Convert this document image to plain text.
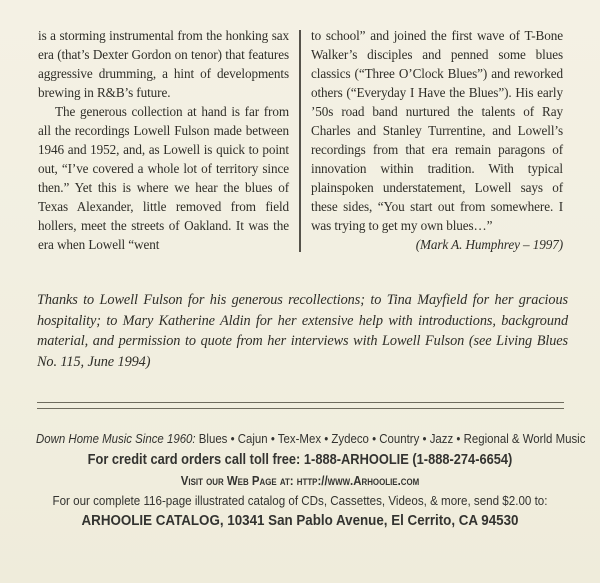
is a storming instrumental from the honking sax era (that’s Dexter Gordon on tenor) that features aggressive drumming, a hint of developments brewing in R&B’s future.

The generous collection at hand is far from all the recordings Lowell Fulson made between 1946 and 1952, and, as Lowell is quick to point out, “I’ve covered a whole lot of territory since then.” Yet this is where we hear the blues of Texas Alexander, little removed from field hollers, meet the streets of Oakland. It was the era when Lowell “went

to school” and joined the first wave of T-Bone Walker’s disciples and penned some blues classics (“Three O’Clock Blues”) and reworked others (“Everyday I Have the Blues”). His early ’50s road band nurtured the talents of Ray Charles and Stanley Turrentine, and Lowell’s recordings from that era remain paragons of innovation within tradition. With typical plainspoken understatement, Lowell says of these sides, “You start out from somewhere. I was trying to get my own blues…”

(Mark A. Humphrey – 1997)

Thanks to Lowell Fulson for his generous recollections; to Tina Mayfield for her gracious hospitality; to Mary Katherine Aldin for her extensive help with introductions, background material, and permission to quote from her interviews with Lowell Fulson (see Living Blues No. 115, June 1994)

Down Home Music Since 1960: Blues • Cajun • Tex-Mex • Zydeco • Country • Jazz • Regional & World Music
For credit card orders call toll free: 1-888-ARHOOLIE (1-888-274-6654)
Visit our Web Page at: http://www.Arhoolie.com
For our complete 116-page illustrated catalog of CDs, Cassettes, Videos, & more, send $2.00 to:
ARHOOLIE CATALOG, 10341 San Pablo Avenue, El Cerrito, CA 94530
